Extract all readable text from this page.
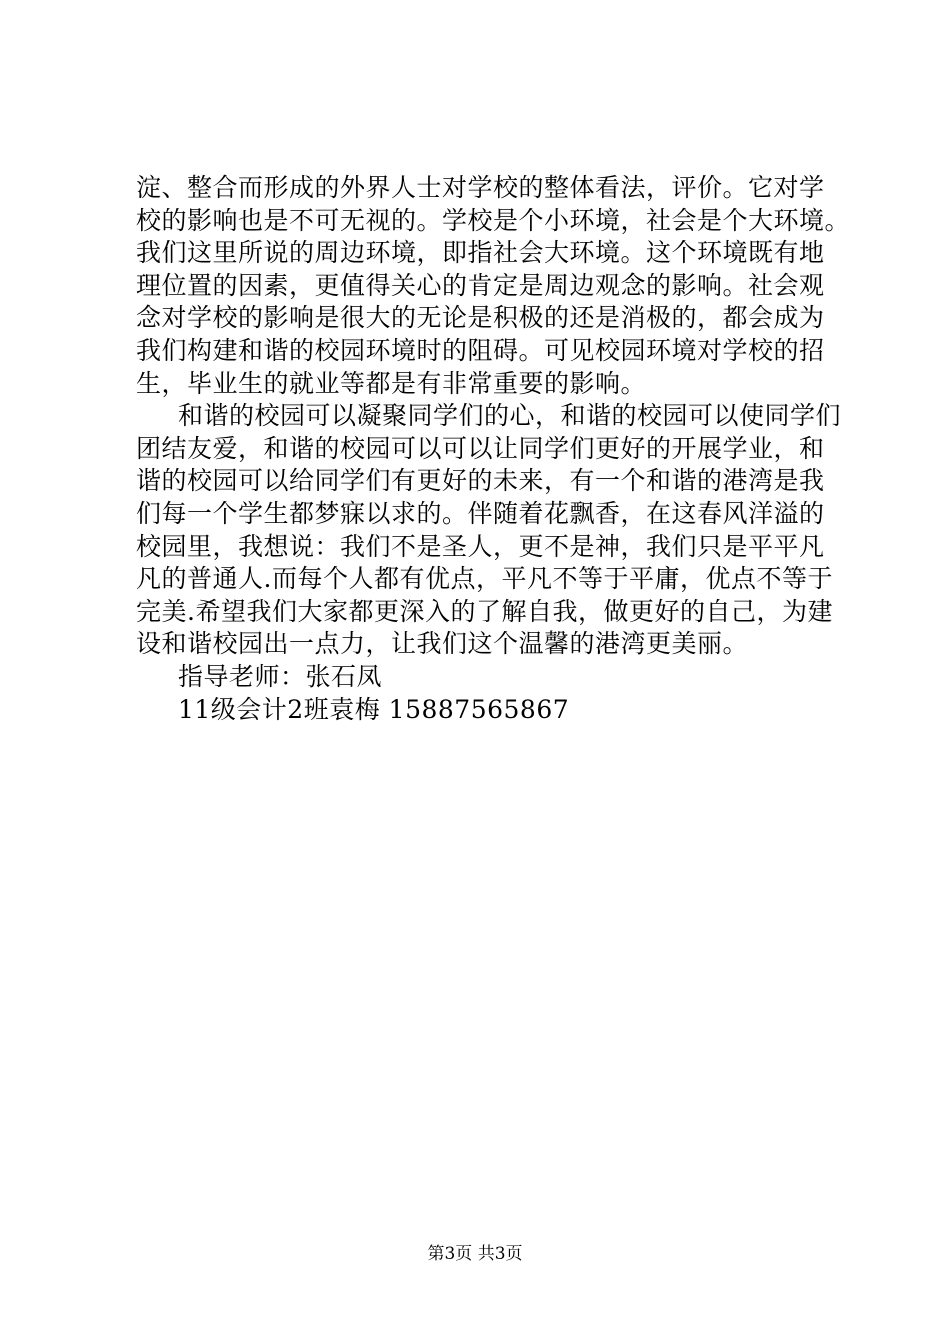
淀、整合而形成的外界人士对学校的整体看法，评价。它对学
校的影响也是不可无视的。学校是个小环境，社会是个大环境。
我们这里所说的周边环境，即指社会大环境。这个环境既有地
理位置的因素，更值得关心的肯定是周边观念的影响。社会观
念对学校的影响是很大的无论是积极的还是消极的，都会成为
我们构建和谐的校园环境时的阻碍。可见校园环境对学校的招
生，毕业生的就业等都是有非常重要的影响。
和谐的校园可以凝聚同学们的心，和谐的校园可以使同学们
团结友爱，和谐的校园可以可以让同学们更好的开展学业，和
谐的校园可以给同学们有更好的未来，有一个和谐的港湾是我
们每一个学生都梦寐以求的。伴随着花飘香，在这春风洋溢的
校园里，我想说：我们不是圣人，更不是神，我们只是平平凡
凡的普通人.而每个人都有优点，平凡不等于平庸，优点不等于
完美.希望我们大家都更深入的了解自我，做更好的自己，为建
设和谐校园出一点力，让我们这个温馨的港湾更美丽。
指导老师：张石凤
11级会计2班袁梅 15887565867
第3页 共3页
